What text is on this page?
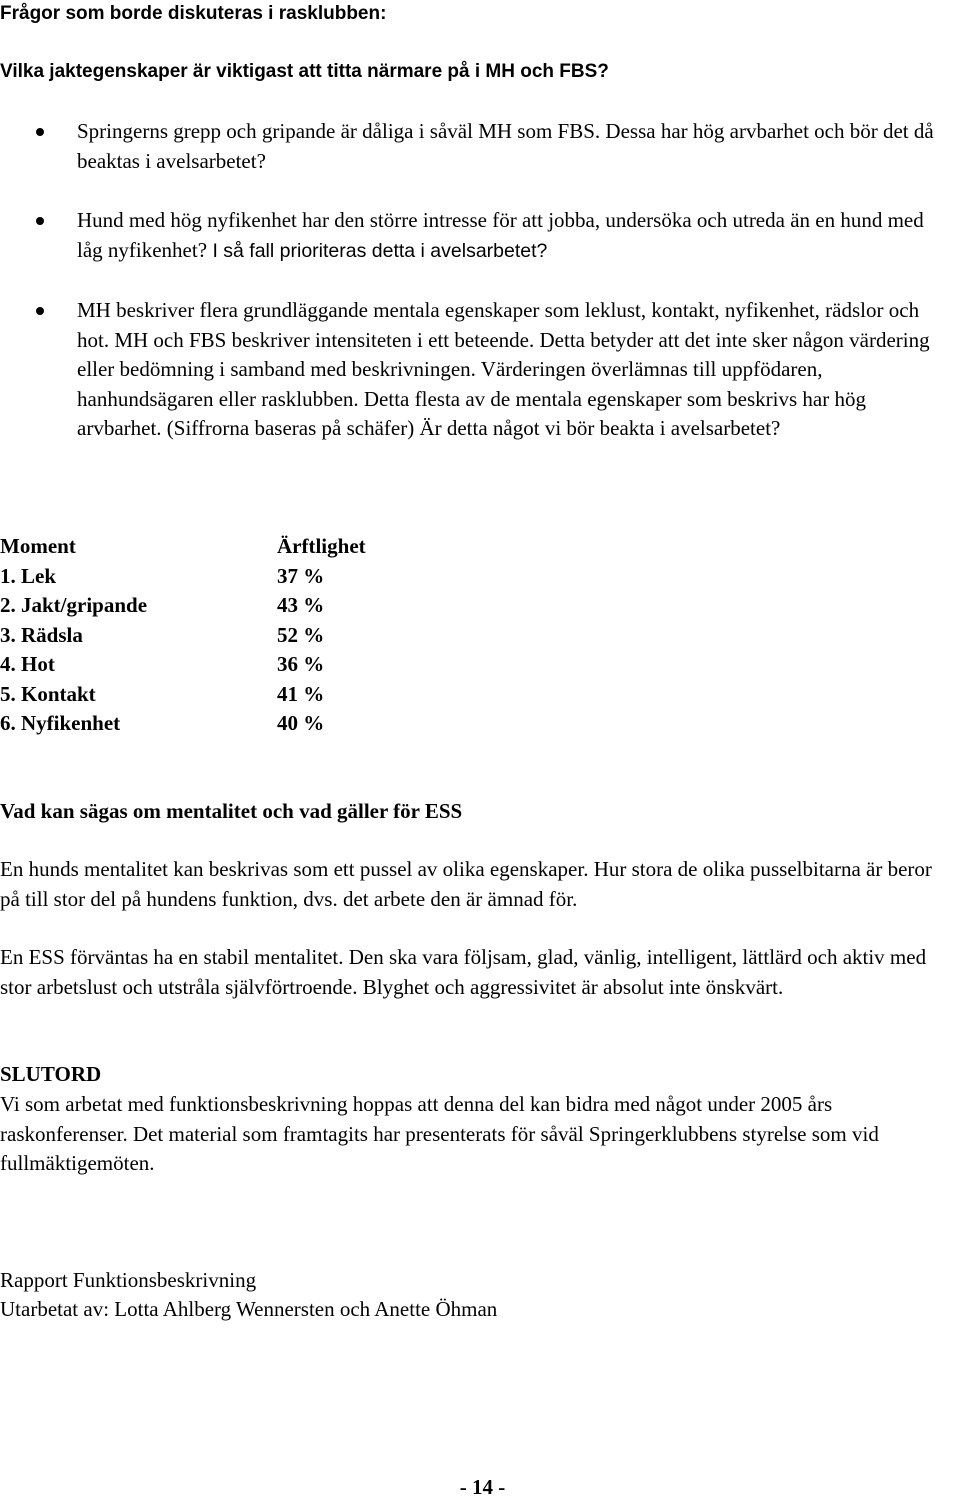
Frågor som borde diskuteras i rasklubben:
Vilka jaktegenskaper är viktigast att titta närmare på i MH och FBS?
Springerns grepp och gripande är dåliga i såväl MH som FBS. Dessa har hög arvbarhet och bör det då beaktas i avelsarbetet?
Hund med hög nyfikenhet har den större intresse för att jobba, undersöka och utreda än en hund med låg nyfikenhet? I så fall prioriteras detta i avelsarbetet?
MH beskriver flera grundläggande mentala egenskaper som leklust, kontakt, nyfikenhet, rädslor och hot. MH och FBS beskriver intensiteten i ett beteende. Detta betyder att det inte sker någon värdering eller bedömning i samband med beskrivningen. Värderingen överlämnas till uppfödaren, hanhundsägaren eller rasklubben. Detta flesta av de mentala egenskaper som beskrivs har hög arvbarhet. (Siffrorna baseras på schäfer) Är detta något vi bör beakta i avelsarbetet?
Moment	Ärftlighet
1. Lek	37 %
2. Jakt/gripande	43 %
3. Rädsla	52 %
4. Hot	36 %
5. Kontakt	41 %
6. Nyfikenhet	40 %
Vad kan sägas om mentalitet och vad gäller för ESS

En hunds mentalitet kan beskrivas som ett pussel av olika egenskaper. Hur stora de olika pusselbitarna är beror på till stor del på hundens funktion, dvs. det arbete den är ämnad för.

En ESS förväntas ha en stabil mentalitet. Den ska vara följsam, glad, vänlig, intelligent, lättlärd och aktiv med stor arbetslust och utstråla självförtroende. Blyghet och aggressivitet är absolut inte önskvärt.

SLUTORD

Vi som arbetat med funktionsbeskrivning hoppas att denna del kan bidra med något under 2005 års raskonferenser. Det material som framtagits har presenterats för såväl Springerklubbens styrelse som vid fullmäktigemöten.

Rapport Funktionsbeskrivning
Utarbetat av: Lotta Ahlberg Wennersten och Anette Öhman
- 14 -
